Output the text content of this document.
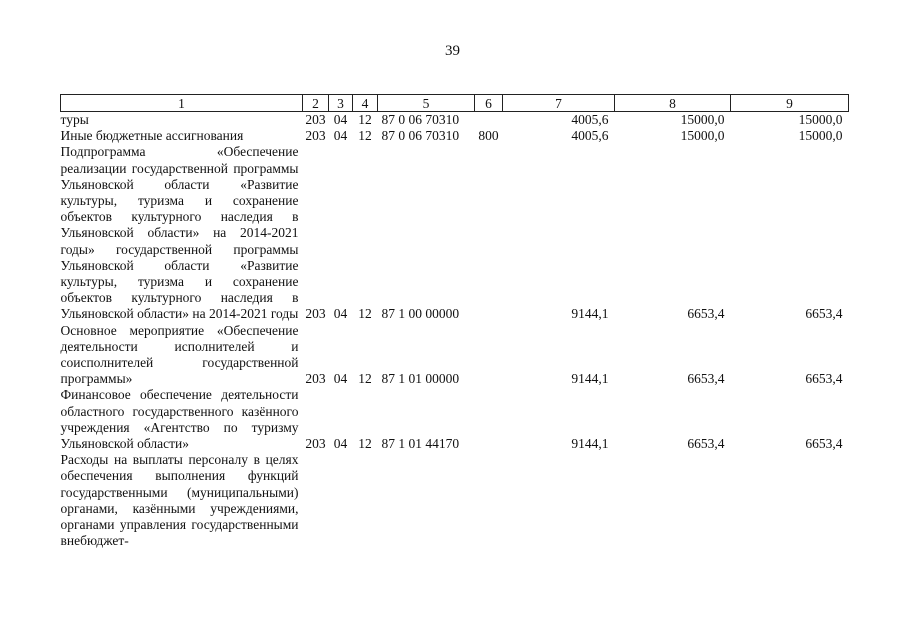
39
1	2	3	4	5	6	7	8	9
туры	203	04	12	87 0 06 70310		4005,6	15000,0	15000,0
Иные бюджетные ассигнования	203	04	12	87 0 06 70310	800	4005,6	15000,0	15000,0
Подпрограмма «Обеспечение реализации государственной программы Ульяновской области «Развитие культуры, туризма и сохранение объектов культурного наследия в Ульяновской области» на 2014-2021 годы» государственной программы Ульяновской области «Развитие культуры, туризма и сохранение объектов культурного наследия в Ульяновской области» на 2014-2021 годы	203	04	12	87 1 00 00000		9144,1	6653,4	6653,4
Основное мероприятие «Обеспечение деятельности исполнителей и соисполнителей государственной программы»	203	04	12	87 1 01 00000		9144,1	6653,4	6653,4
Финансовое обеспечение деятельности областного государственного казённого учреждения «Агентство по туризму Ульяновской области»	203	04	12	87 1 01 44170		9144,1	6653,4	6653,4
Расходы на выплаты персоналу в целях обеспечения выполнения функций государственными (муниципальными) органами, казёнными учреждениями, органами управления государственными внебюджет-								
